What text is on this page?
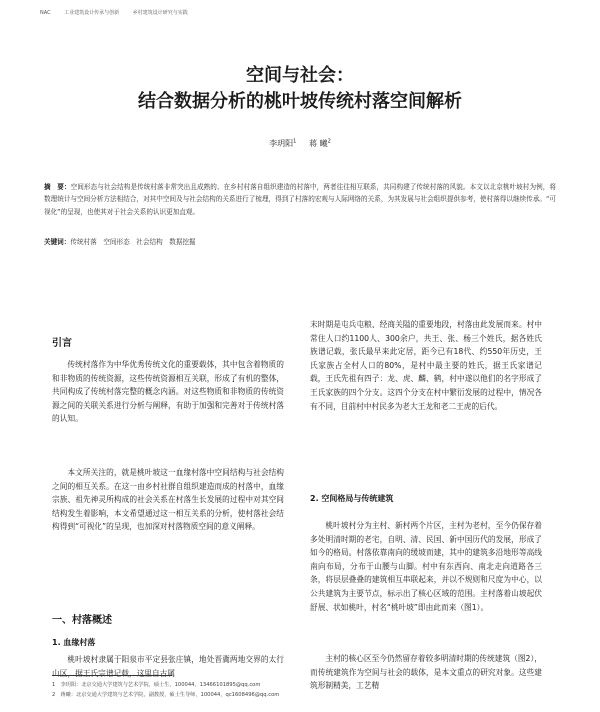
NAC	工业建筑设计传承与创新	乡村建筑设计研究与实践
空间与社会：
结合数据分析的桃叶坡传统村落空间解析
李玥阳$^1$ 蒋 曦$^2$
摘　要：空间形态与社会结构是传统村落非常突出且成熟的、在乡村村落自组织建造的村落中，两者往往相互联系，共同构建了传统村落的风貌。本文以北京桃叶坡村为例，将数理统计与空间分析方法相结合，对其中空间及与社会结构的关系进行了梳理，得到了村落的宏观与人际网络的关系，为其发展与社会组织提供参考，使村落得以继续传承。“可视化”的呈现，也使其对于社会关系的认识更加直观。
关键词：传统村落　空间形态　社会结构　数据挖掘
引言

传统村落作为中华优秀传统文化的重要载体，其中包含着物质的和非物质的传统资源，这些传统资源相互关联，形成了有机的整体，共同构成了传统村落完整的概念内涵。对这些物质和非物质的传统资源之间的关联关系进行分析与阐释，有助于加强和完善对于传统村落的认知。

本文所关注的，就是桃叶坡这一血缘村落中空间结构与社会结构之间的相互关系。在这一由乡村社群自组织建造而成的村落中，血缘宗族、祖先神灵所构成的社会关系在村落生长发展的过程中对其空间结构发生着影响，本文希望通过这一相互关系的分析，使村落社会结构得到“可视化”的呈现，也加深对村落物质空间的意义阐释。

一、村落概述
1. 血缘村落

桃叶坡村隶属于阳泉市平定县张庄镇，地处晋冀两地交界的太行山区，据王氏宗谱记载，这里自古属

末时期是屯兵屯粮、经商关隘的重要地段，村落由此发展而来。村中常住人口约1100人、300余户，共王、张、杨三个姓氏，据各姓氏族谱记载，张氏最早来此定居，距今已有18代、约550年历史，王氏家族占全村人口的80%，是村中最主要的姓氏，据王氏家谱记载，王氏先祖有四子：龙、虎、麟、鹤，村中遂以他们的名字形成了王氏家族的四个分支。这四个分支在村中繁衍发展的过程中，情况各有不同，目前村中村民多为老大王龙和老二王虎的后代。

2. 空间格局与传统建筑

桃叶坡村分为主村、新村两个片区，主村为老村，至今仍保存着多处明清时期的老宅，自明、清、民国、新中国历代的发展，形成了如今的格局。村落依靠南向的缓坡而建，其中的建筑多沿地形等高线南向布局，分布于山腰与山脚。村中有东西向、南北走向道路各三条，将层层叠叠的建筑相互串联起来，并以不规则和尺度为中心，以公共建筑为主要节点，标示出了核心区域的范围。主村落着山坡起伏舒展、状如桃叶，村名“桃叶坡”即由此而来（图1）。

主村的核心区至今仍然留存着较多明清时期的传统建筑（图2），而传统建筑作为空间与社会的载体，是本文重点的研究对象。这些建筑形制精美，工艺精

1　李玥阳：北京交通大学建筑与艺术学院，硕士生，100044，13466101895@qq.com
2　蒋曦：北京交通大学建筑与艺术学院，副教授，硕士生导师，100044，qc1608496@qq.com
